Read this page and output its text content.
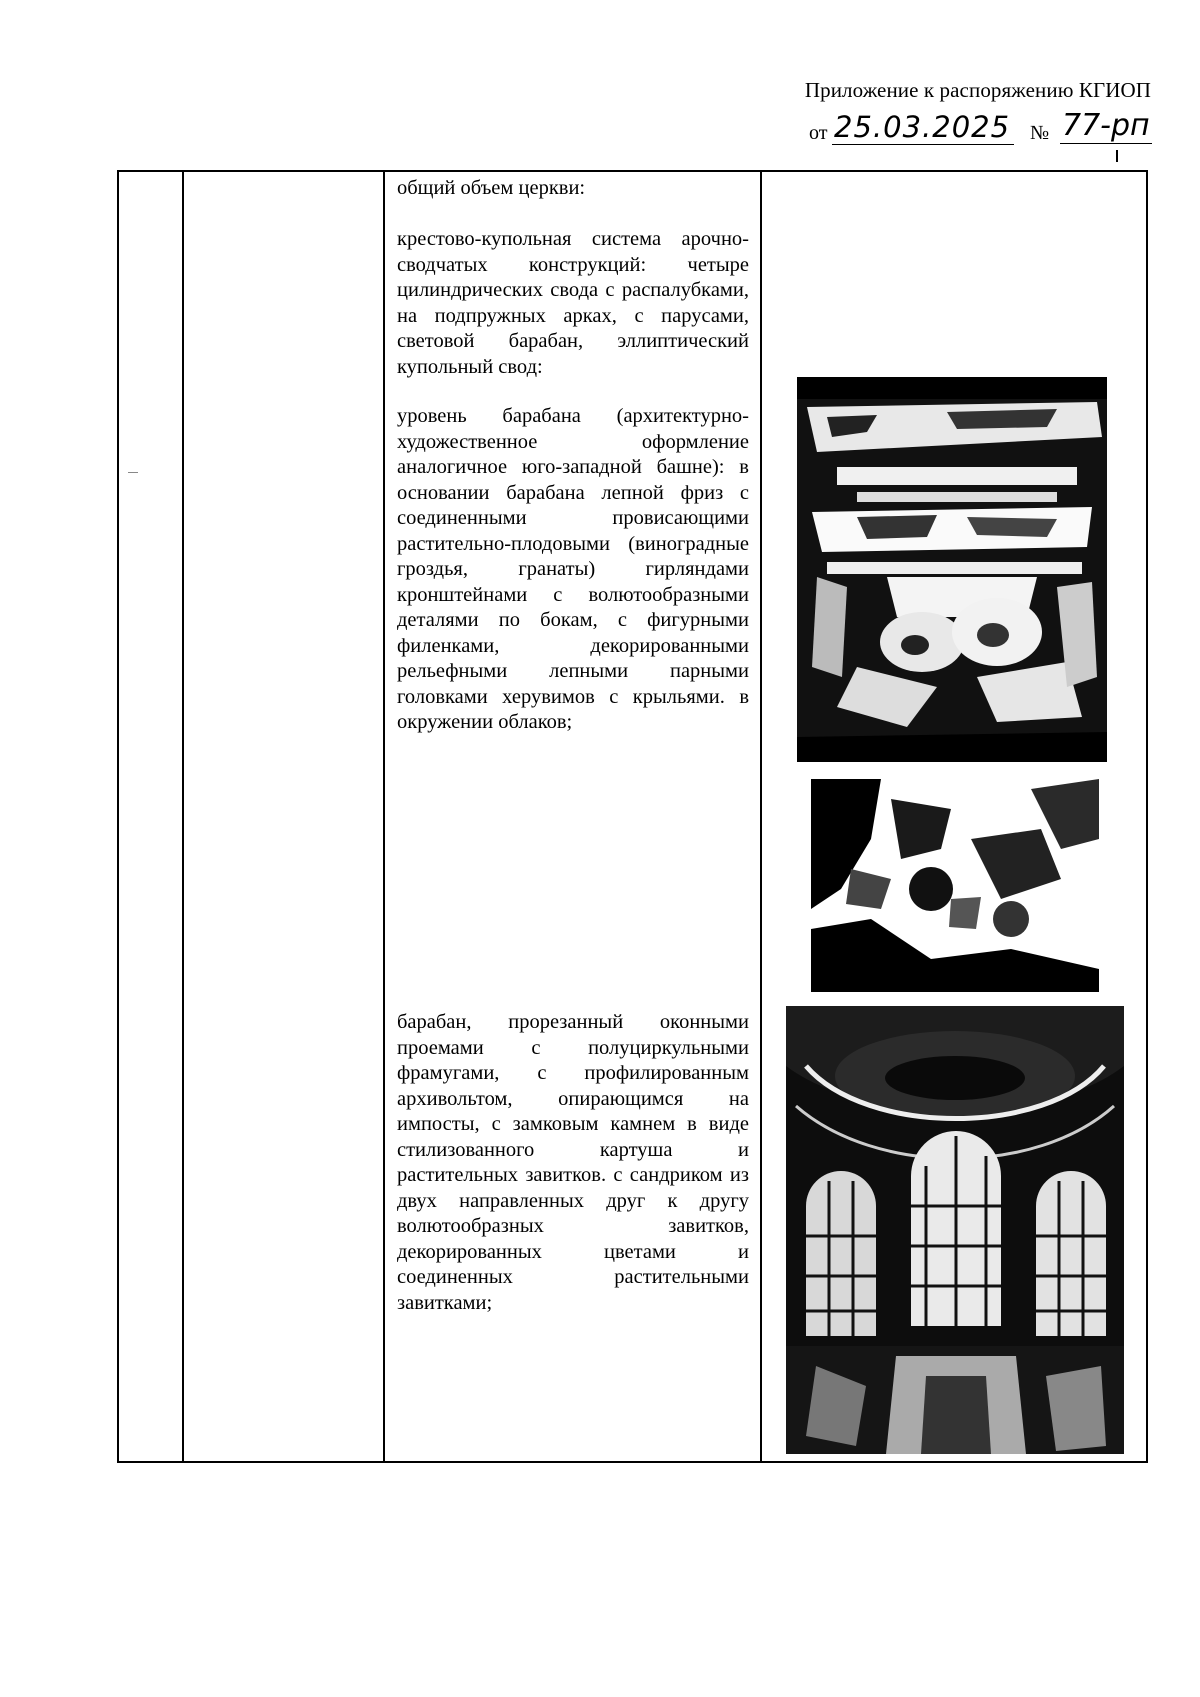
Приложение к распоряжению КГИОП
от 25.03.2025 № 77-рп

общий объем церкви:

крестово-купольная система арочно-сводчатых конструкций: четыре цилиндрических свода с распалубками, на подпружных арках, с парусами, световой барабан, эллиптический купольный свод:

уровень барабана (архитектурно-художественное оформление аналогичное юго-западной башне): в основании барабана лепной фриз с соединенными провисающими растительно-плодовыми (виноградные гроздья, гранаты) гирляндами кронштейнами с волютообразными деталями по бокам, с фигурными филенками, декорированными рельефными лепными парными головками херувимов с крыльями. в окружении облаков;

барабан, прорезанный оконными проемами с полуциркульными фрамугами, с профилированным архивольтом, опирающимся на импосты, с замковым камнем в виде стилизованного картуша и растительных завитков. с сандриком из двух направленных друг к другу волютообразных завитков, декорированных цветами и соединенных растительными завитками;
